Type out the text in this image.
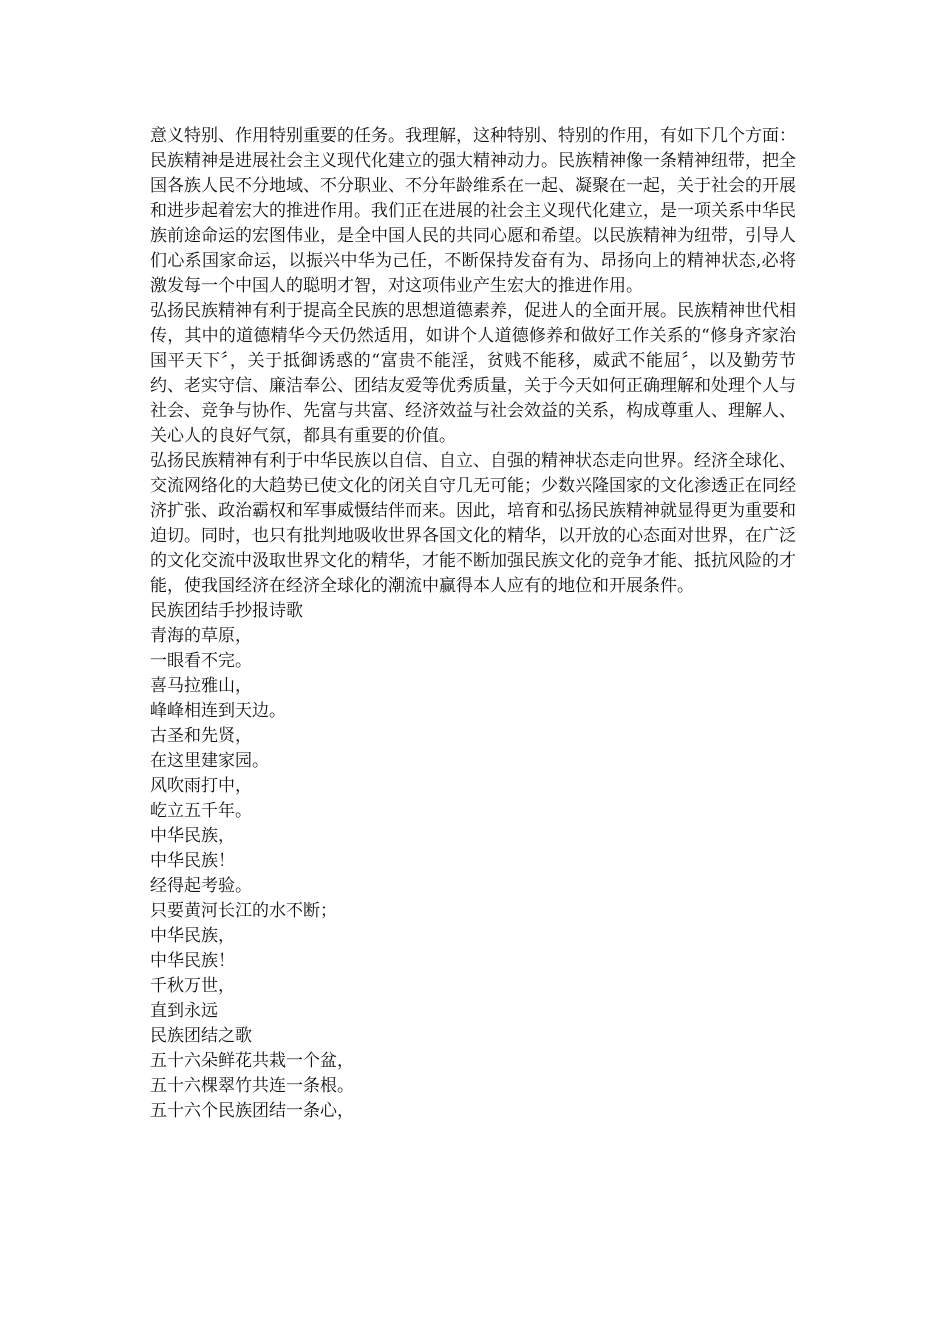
意义特别、作用特别重要的任务。我理解，这种特别、特别的作用，有如下几个方面：

民族精神是进展社会主义现代化建立的强大精神动力。民族精神像一条精神纽带，把全国各族人民不分地域、不分职业、不分年龄维系在一起、凝聚在一起，关于社会的开展和进步起着宏大的推进作用。我们正在进展的社会主义现代化建立，是一项关系中华民族前途命运的宏图伟业，是全中国人民的共同心愿和希望。以民族精神为纽带，引导人们心系国家命运，以振兴中华为己任，不断保持发奋有为、昂扬向上的精神状态,必将激发每一个中国人的聪明才智，对这项伟业产生宏大的推进作用。

弘扬民族精神有利于提高全民族的思想道德素养，促进人的全面开展。民族精神世代相传，其中的道德精华今天仍然适用，如讲个人道德修养和做好工作关系的“修身齐家治国平天下〞，关于抵御诱惑的“富贵不能淫，贫贱不能移，威武不能屈〞，以及勤劳节约、老实守信、廉洁奉公、团结友爱等优秀质量，关于今天如何正确理解和处理个人与社会、竞争与协作、先富与共富、经济效益与社会效益的关系，构成尊重人、理解人、关心人的良好气氛，都具有重要的价值。

弘扬民族精神有利于中华民族以自信、自立、自强的精神状态走向世界。经济全球化、交流网络化的大趋势已使文化的闭关自守几无可能；少数兴隆国家的文化渗透正在同经济扩张、政治霸权和军事威慑结伴而来。因此，培育和弘扬民族精神就显得更为重要和迫切。同时，也只有批判地吸收世界各国文化的精华，以开放的心态面对世界，在广泛的文化交流中汲取世界文化的精华，才能不断加强民族文化的竞争才能、抵抗风险的才能，使我国经济在经济全球化的潮流中赢得本人应有的地位和开展条件。

民族团结手抄报诗歌

青海的草原，

一眼看不完。

喜马拉雅山，

峰峰相连到天边。

古圣和先贤，

在这里建家园。

风吹雨打中，

屹立五千年。

中华民族，

中华民族！

经得起考验。

只要黄河长江的水不断；

中华民族，

中华民族！

千秋万世，

直到永远

民族团结之歌

五十六朵鲜花共栽一个盆，

五十六棵翠竹共连一条根。

五十六个民族团结一条心，
